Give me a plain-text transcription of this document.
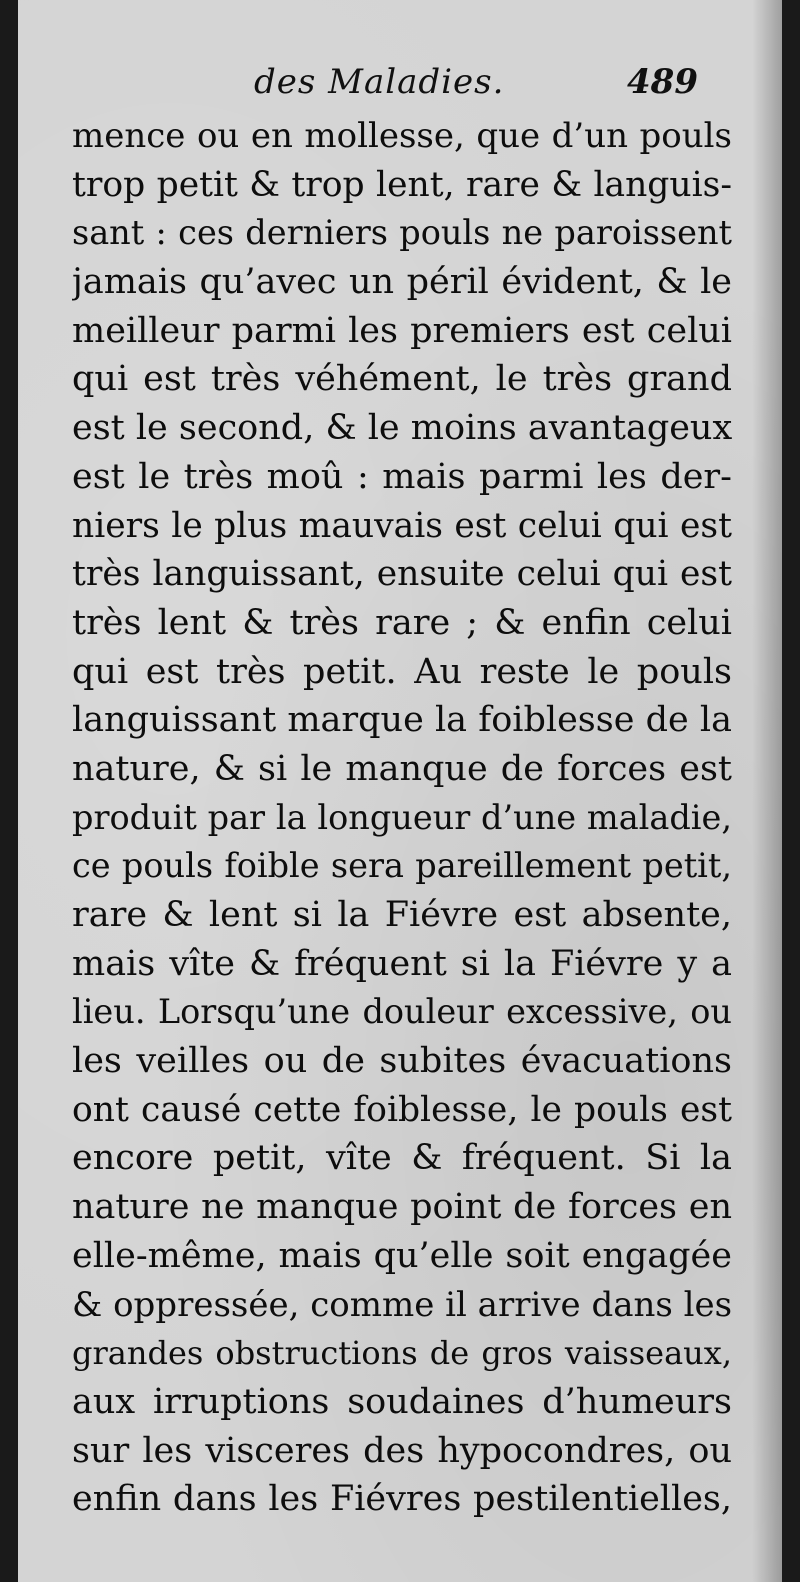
des Maladies.	489
mence ou en mollesse, que d’un pouls
trop petit & trop lent, rare & languis-
sant : ces derniers pouls ne paroissent
jamais qu’avec un péril évident, & le
meilleur parmi les premiers est celui
qui est très véhément, le très grand
est le second, & le moins avantageux
est le très moû : mais parmi les der-
niers le plus mauvais est celui qui est
très languissant, ensuite celui qui est
très lent & très rare ; & enfin celui
qui est très petit. Au reste le pouls
languissant marque la foiblesse de la
nature, & si le manque de forces est
produit par la longueur d’une maladie,
ce pouls foible sera pareillement petit,
rare & lent si la Fiévre est absente,
mais vîte & fréquent si la Fiévre y a
lieu. Lorsqu’une douleur excessive, ou
les veilles ou de subites évacuations
ont causé cette foiblesse, le pouls est
encore petit, vîte & fréquent. Si la
nature ne manque point de forces en
elle-même, mais qu’elle soit engagée
& oppressée, comme il arrive dans les
grandes obstructions de gros vaisseaux,
aux irruptions soudaines d’humeurs
sur les visceres des hypocondres, ou
enfin dans les Fiévres pestilentielles,
